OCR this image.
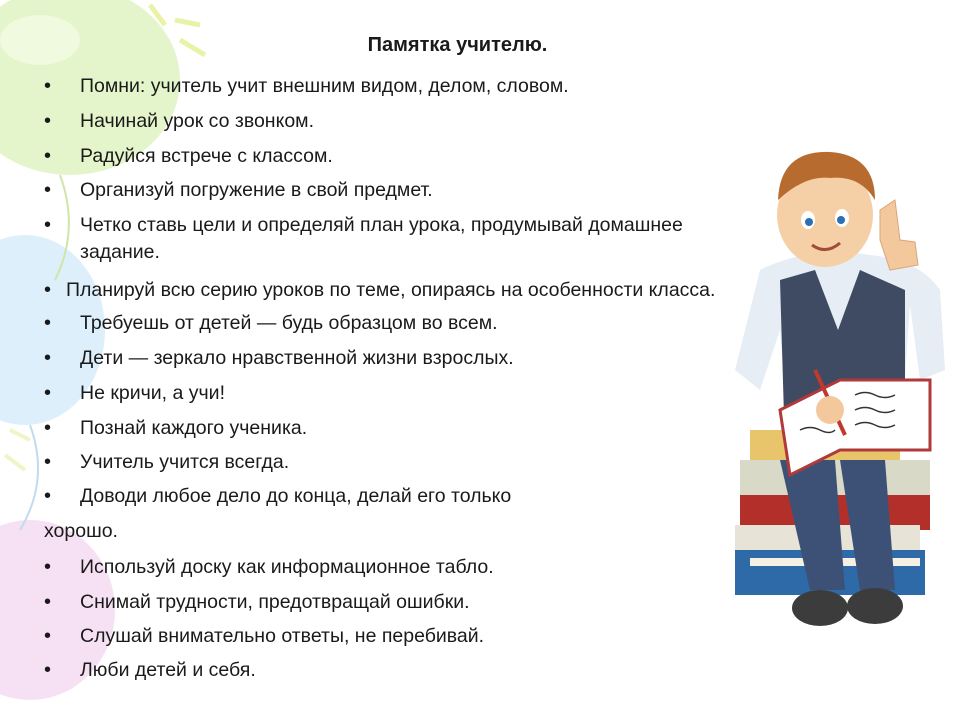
Памятка учителю.
•
•
•
•
•
•
•
•
•
•
•
•
•
•
•
•
Помни: учитель учит внешним видом, делом, словом.
Начинай урок со звонком.
Радуйся встрече с классом.
Организуй погружение в свой предмет.
Четко ставь цели и определяй план урока, продумывай домашнее задание.
Планируй всю серию уроков по теме, опираясь на особенности класса.
Требуешь от детей — будь образцом во всем.
Дети — зеркало нравственной жизни взрослых.
Не кричи, а учи!
Познай каждого ученика.
Учитель учится всегда.
Доводи любое дело до конца, делай его только
хорошо.
Используй доску как информационное табло.
Снимай трудности, предотвращай ошибки.
Слушай внимательно ответы, не перебивай.
Люби детей и себя.
